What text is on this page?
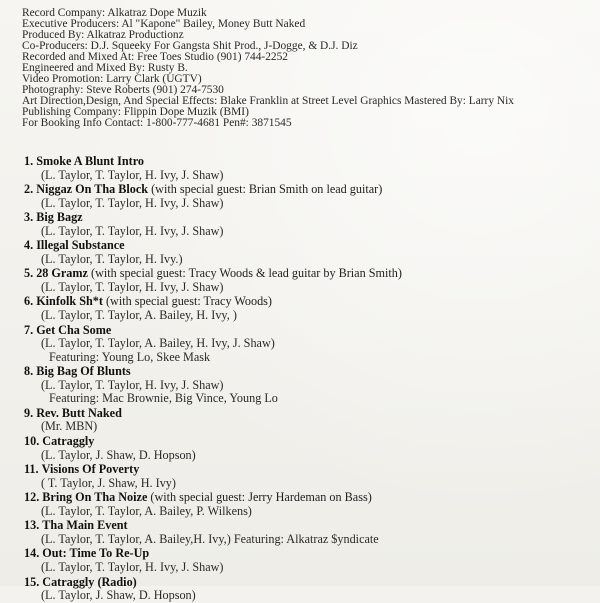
Record Company: Alkatraz Dope Muzik
Executive Producers: Al "Kapone" Bailey, Money Butt Naked
Produced By: Alkatraz Productionz
Co-Producers: D.J. Squeeky For Gangsta Shit Prod., J-Dogge, & D.J. Diz
Recorded and Mixed At: Free Toes Studio (901) 744-2252
Engineered and Mixed By: Rusty B.
Video Promotion: Larry Clark (UGTV)
Photography: Steve Roberts (901) 274-7530
Art Direction,Design, And Special Effects: Blake Franklin at Street Level Graphics Mastered By: Larry Nix
Publishing Company: Flippin Dope Muzik (BMI)
For Booking Info Contact: 1-800-777-4681 Pen#: 3871545
1. Smoke A Blunt Intro
(L. Taylor, T. Taylor, H. Ivy, J. Shaw)
2. Niggaz On Tha Block (with special guest: Brian Smith on lead guitar)
(L. Taylor, T. Taylor, H. Ivy, J. Shaw)
3. Big Bagz
(L. Taylor, T. Taylor, H. Ivy, J. Shaw)
4. Illegal Substance
(L. Taylor, T. Taylor, H. Ivy.)
5. 28 Gramz (with special guest: Tracy Woods & lead guitar by Brian Smith)
(L. Taylor, T. Taylor, H. Ivy, J. Shaw)
6. Kinfolk Sh*t (with special guest: Tracy Woods)
(L. Taylor, T. Taylor, A. Bailey, H. Ivy, )
7. Get Cha Some
(L. Taylor, T. Taylor, A. Bailey, H. Ivy, J. Shaw)
Featuring: Young Lo, Skee Mask
8. Big Bag Of Blunts
(L. Taylor, T. Taylor, H. Ivy, J. Shaw)
Featuring: Mac Brownie, Big Vince, Young Lo
9. Rev. Butt Naked
(Mr. MBN)
10. Catraggly
(L. Taylor, J. Shaw, D. Hopson)
11. Visions Of Poverty
( T. Taylor, J. Shaw, H. Ivy)
12. Bring On Tha Noize (with special guest: Jerry Hardeman on Bass)
(L. Taylor, T. Taylor, A. Bailey, P. Wilkens)
13. Tha Main Event
(L. Taylor, T. Taylor, A. Bailey,H. Ivy,) Featuring: Alkatraz $yndicate
14. Out: Time To Re-Up
(L. Taylor, T. Taylor, H. Ivy, J. Shaw)
15. Catraggly (Radio)
(L. Taylor, J. Shaw, D. Hopson)
